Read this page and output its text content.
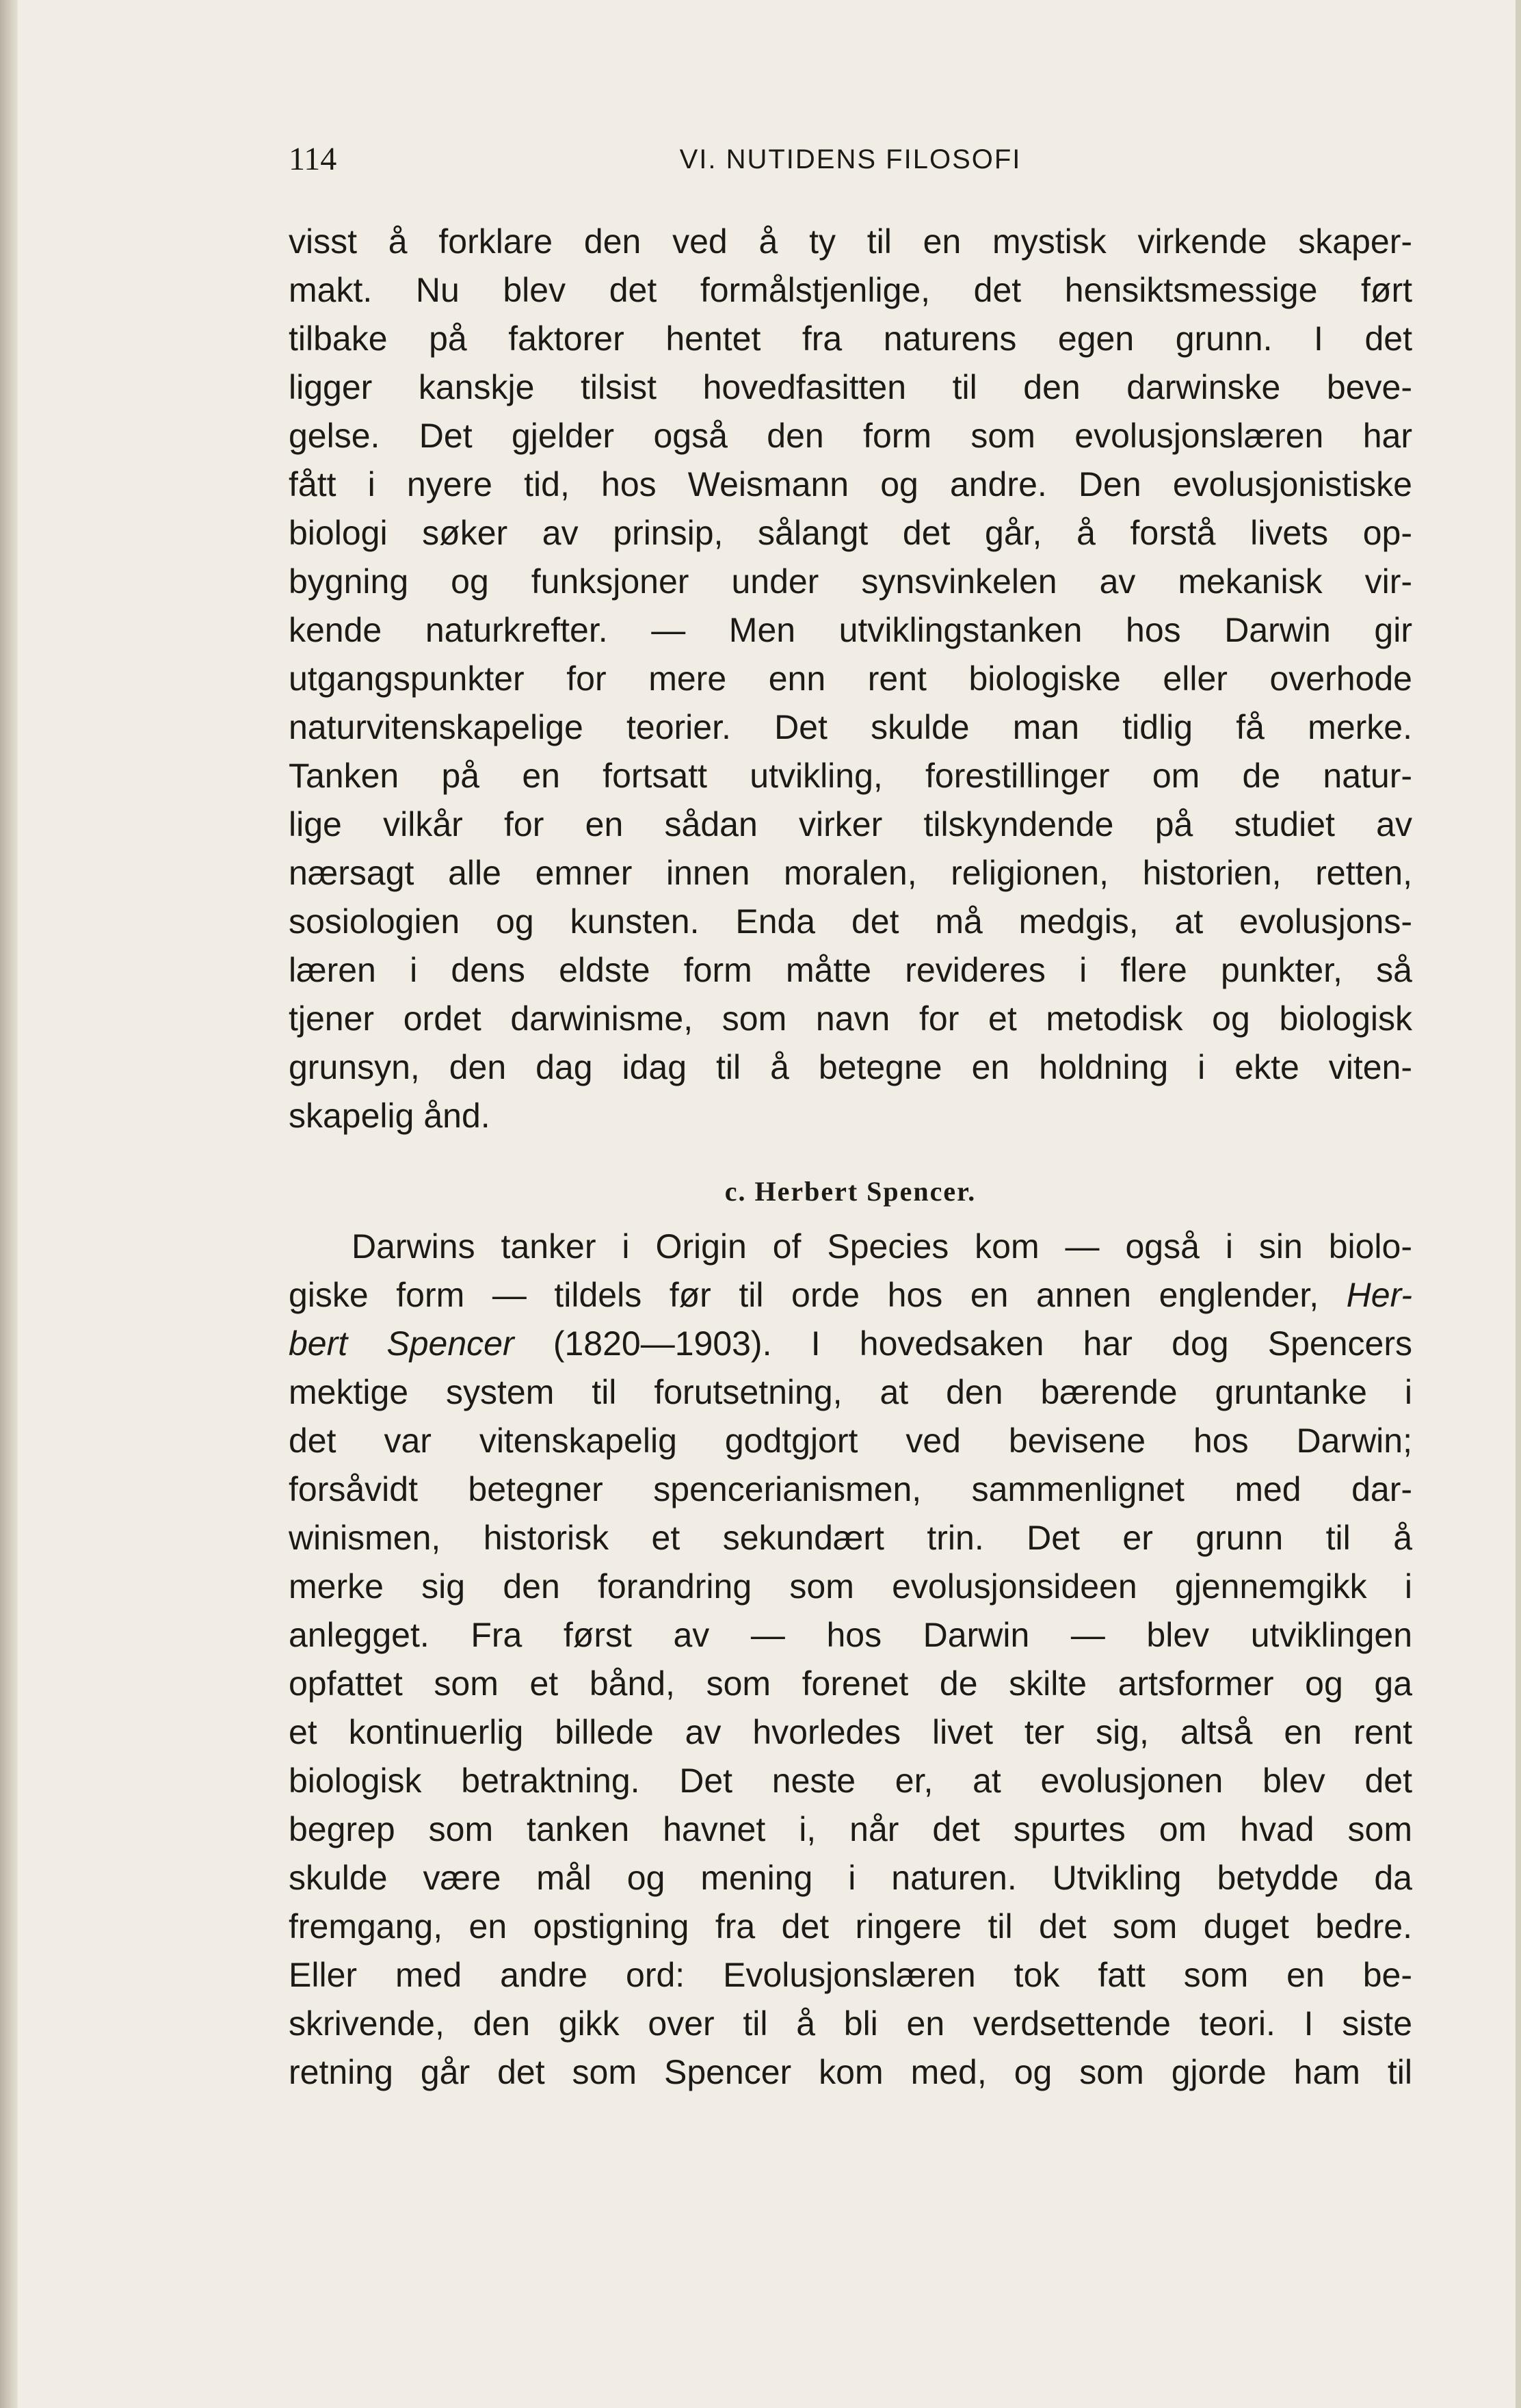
114	VI. NUTIDENS FILOSOFI
visst å forklare den ved å ty til en mystisk virkende skaper-
makt. Nu blev det formålstjenlige, det hensiktsmessige ført
tilbake på faktorer hentet fra naturens egen grunn. I det
ligger kanskje tilsist hovedfasitten til den darwinske beve-
gelse. Det gjelder også den form som evolusjonslæren har
fått i nyere tid, hos Weismann og andre. Den evolusjonistiske
biologi søker av prinsip, sålangt det går, å forstå livets op-
bygning og funksjoner under synsvinkelen av mekanisk vir-
kende naturkrefter. — Men utviklingstanken hos Darwin gir
utgangspunkter for mere enn rent biologiske eller overhode
naturvitenskapelige teorier. Det skulde man tidlig få merke.
Tanken på en fortsatt utvikling, forestillinger om de natur-
lige vilkår for en sådan virker tilskyndende på studiet av
nærsagt alle emner innen moralen, religionen, historien, retten,
sosiologien og kunsten. Enda det må medgis, at evolusjons-
læren i dens eldste form måtte revideres i flere punkter, så
tjener ordet darwinisme, som navn for et metodisk og biologisk
grunsyn, den dag idag til å betegne en holdning i ekte viten-
skapelig ånd.
c. Herbert Spencer.
Darwins tanker i Origin of Species kom — også i sin biolo-
giske form — tildels før til orde hos en annen englender, Her-
bert Spencer (1820—1903). I hovedsaken har dog Spencers
mektige system til forutsetning, at den bærende gruntanke i
det var vitenskapelig godtgjort ved bevisene hos Darwin;
forsåvidt betegner spencerianismen, sammenlignet med dar-
winismen, historisk et sekundært trin. Det er grunn til å
merke sig den forandring som evolusjonsideen gjennemgikk i
anlegget. Fra først av — hos Darwin — blev utviklingen
opfattet som et bånd, som forenet de skilte artsformer og ga
et kontinuerlig billede av hvorledes livet ter sig, altså en rent
biologisk betraktning. Det neste er, at evolusjonen blev det
begrep som tanken havnet i, når det spurtes om hvad som
skulde være mål og mening i naturen. Utvikling betydde da
fremgang, en opstigning fra det ringere til det som duget bedre.
Eller med andre ord: Evolusjonslæren tok fatt som en be-
skrivende, den gikk over til å bli en verdsettende teori. I siste
retning går det som Spencer kom med, og som gjorde ham til
